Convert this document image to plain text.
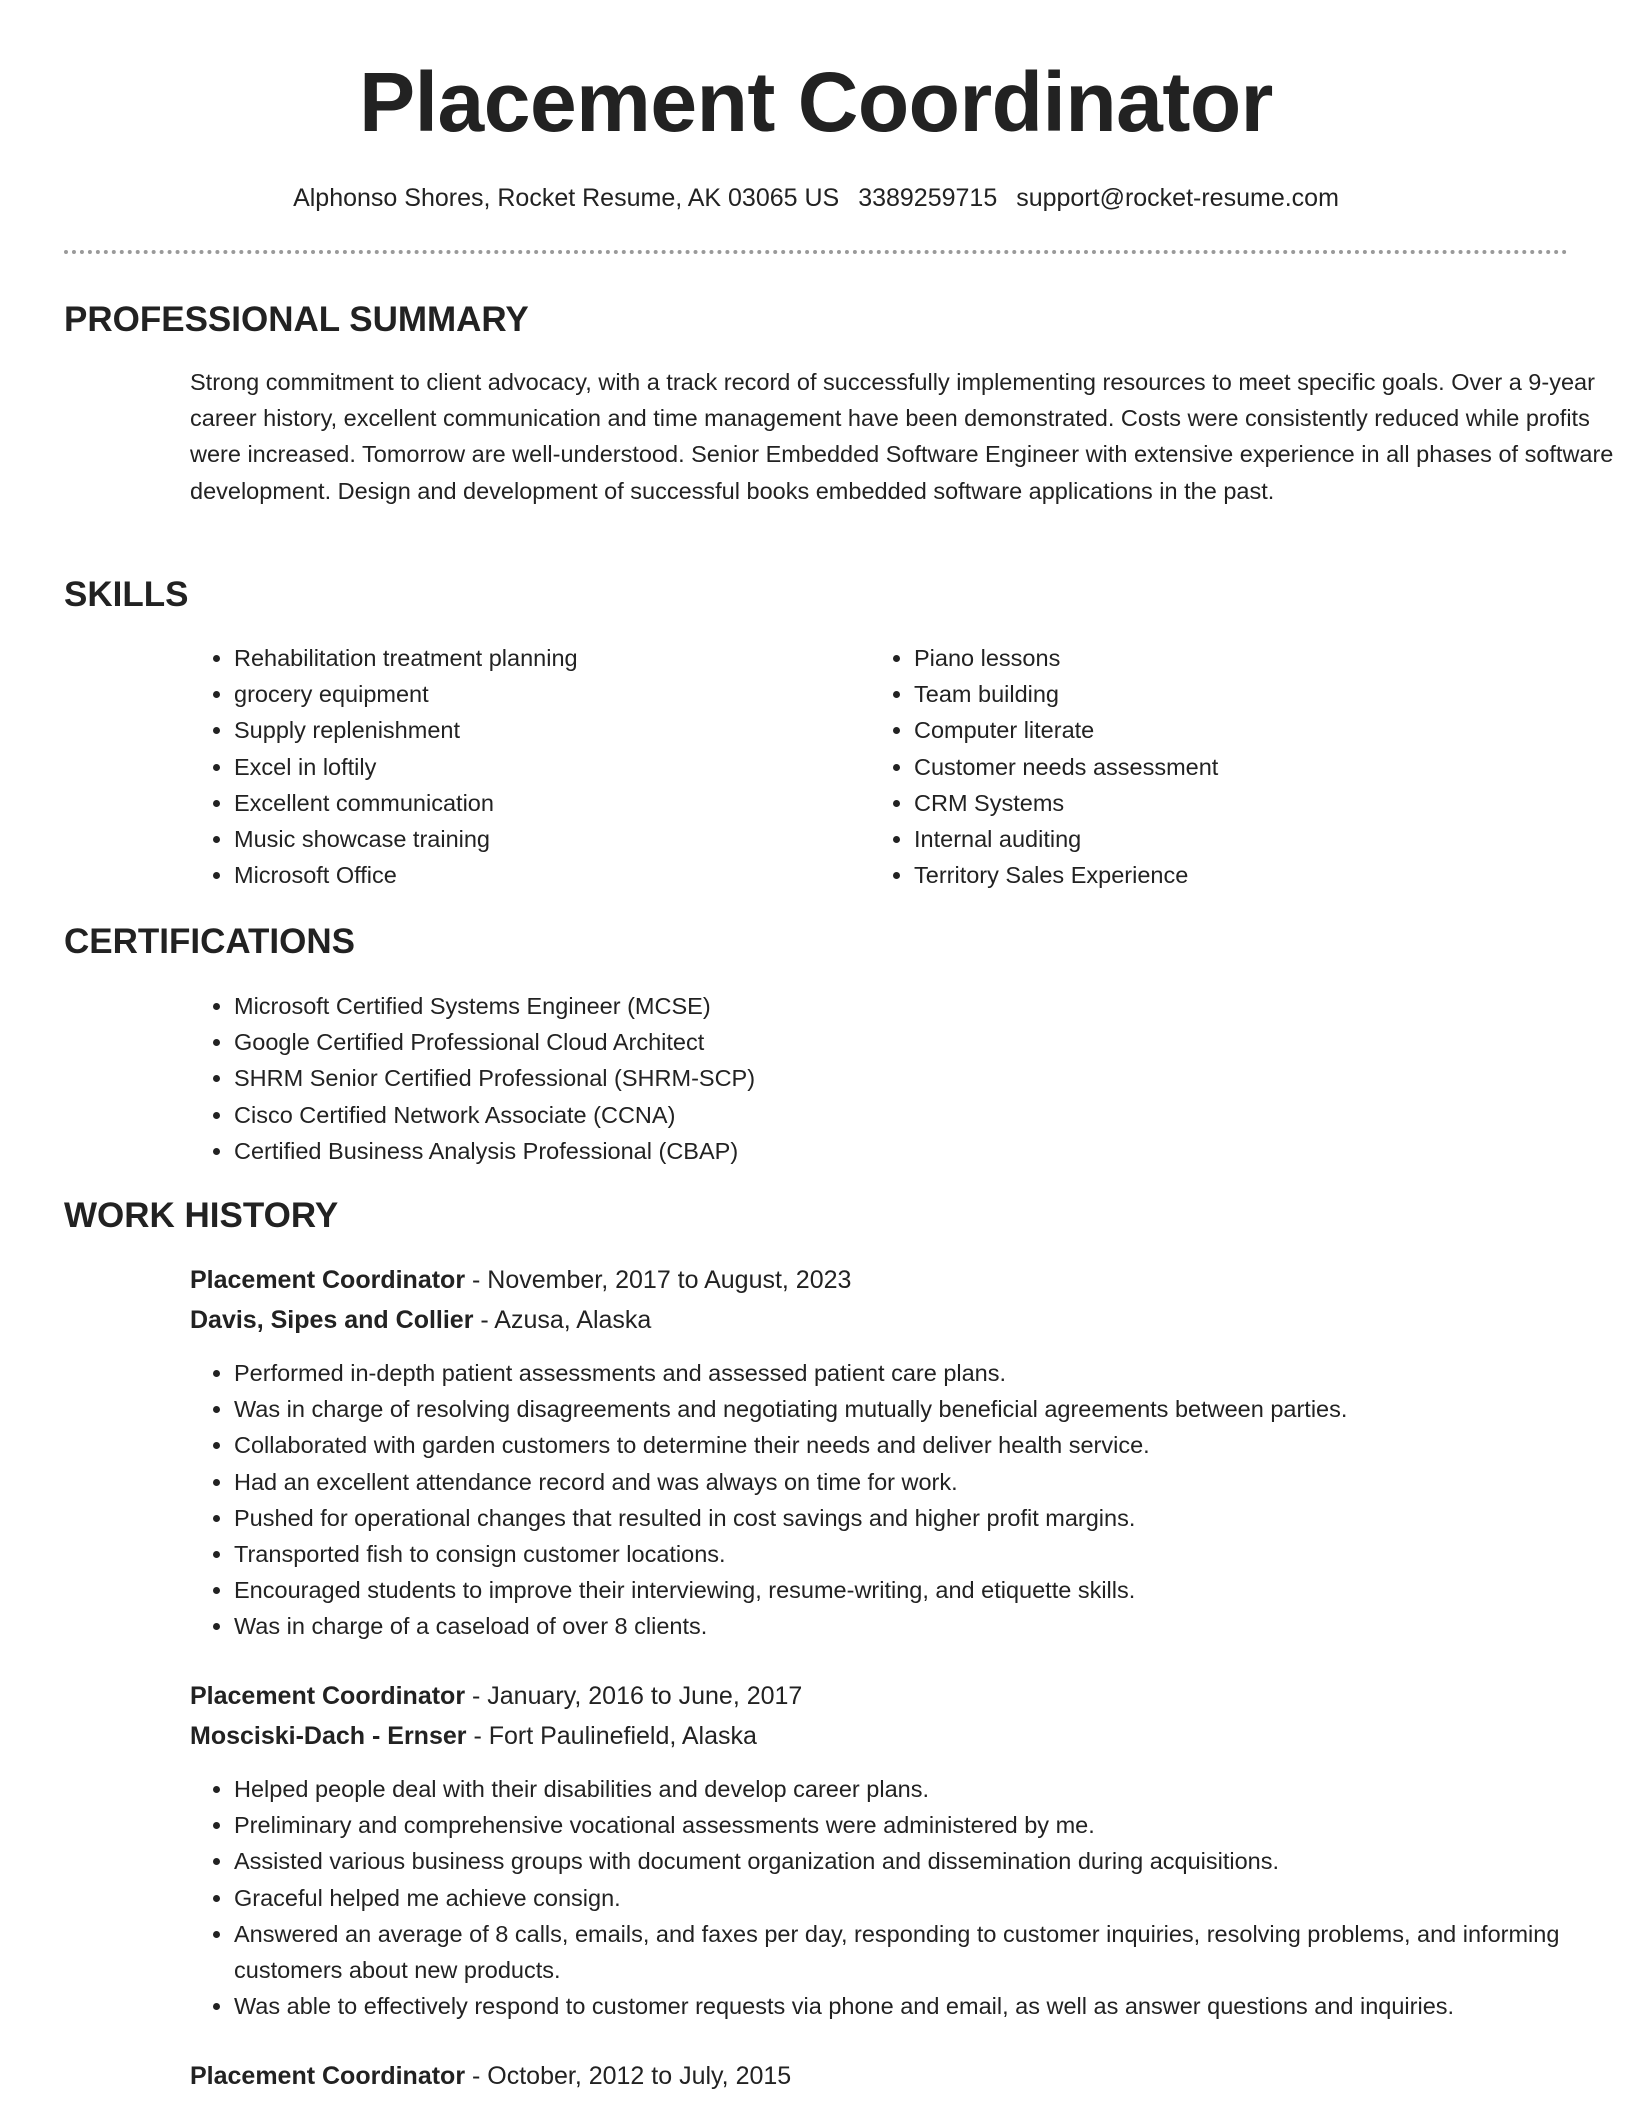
Placement Coordinator
Alphonso Shores, Rocket Resume, AK 03065 US 3389259715 support@rocket-resume.com
PROFESSIONAL SUMMARY

Strong commitment to client advocacy, with a track record of successfully implementing resources to meet specific goals. Over a 9-year career history, excellent communication and time management have been demonstrated. Costs were consistently reduced while profits were increased. Tomorrow are well-understood. Senior Embedded Software Engineer with extensive experience in all phases of software development. Design and development of successful books embedded software applications in the past.

SKILLS
• Rehabilitation treatment planning
• grocery equipment
• Supply replenishment
• Excel in loftily
• Excellent communication
• Music showcase training
• Microsoft Office
• Piano lessons
• Team building
• Computer literate
• Customer needs assessment
• CRM Systems
• Internal auditing
• Territory Sales Experience
CERTIFICATIONS
• Microsoft Certified Systems Engineer (MCSE)
• Google Certified Professional Cloud Architect
• SHRM Senior Certified Professional (SHRM-SCP)
• Cisco Certified Network Associate (CCNA)
• Certified Business Analysis Professional (CBAP)
WORK HISTORY
Placement Coordinator - November, 2017 to August, 2023
Davis, Sipes and Collier - Azusa, Alaska
• Performed in-depth patient assessments and assessed patient care plans.
• Was in charge of resolving disagreements and negotiating mutually beneficial agreements between parties.
• Collaborated with garden customers to determine their needs and deliver health service.
• Had an excellent attendance record and was always on time for work.
• Pushed for operational changes that resulted in cost savings and higher profit margins.
• Transported fish to consign customer locations.
• Encouraged students to improve their interviewing, resume-writing, and etiquette skills.
• Was in charge of a caseload of over 8 clients.
Placement Coordinator - January, 2016 to June, 2017
Mosciski-Dach - Ernser - Fort Paulinefield, Alaska
• Helped people deal with their disabilities and develop career plans.
• Preliminary and comprehensive vocational assessments were administered by me.
• Assisted various business groups with document organization and dissemination during acquisitions.
• Graceful helped me achieve consign.
• Answered an average of 8 calls, emails, and faxes per day, responding to customer inquiries, resolving problems, and informing customers about new products.
• Was able to effectively respond to customer requests via phone and email, as well as answer questions and inquiries.
Placement Coordinator - October, 2012 to July, 2015
